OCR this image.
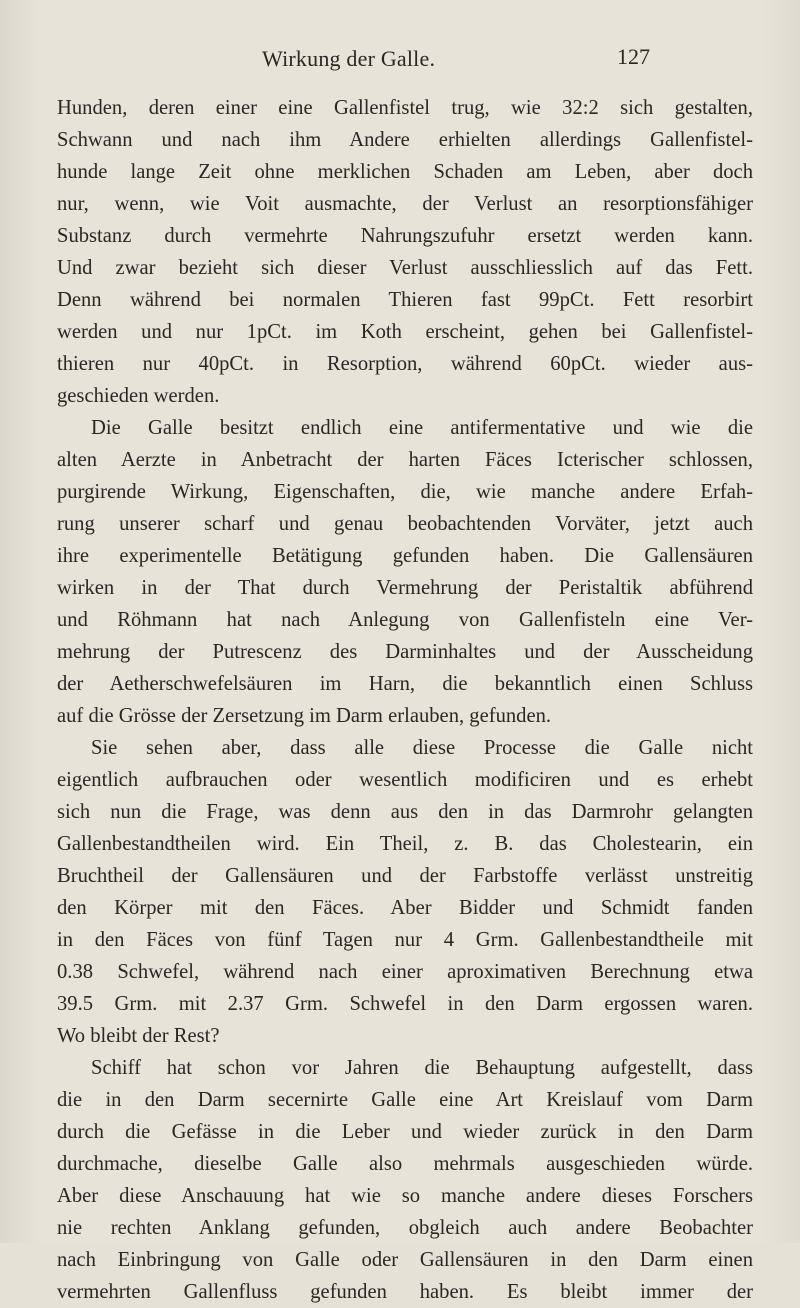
Wirkung der Galle.	127
Hunden, deren einer eine Gallenfistel trug, wie 32:2 sich gestalten,
Schwann und nach ihm Andere erhielten allerdings Gallenfistel-
hunde lange Zeit ohne merklichen Schaden am Leben, aber doch
nur, wenn, wie Voit ausmachte, der Verlust an resorptionsfähiger
Substanz durch vermehrte Nahrungszufuhr ersetzt werden kann.
Und zwar bezieht sich dieser Verlust ausschliesslich auf das Fett.
Denn während bei normalen Thieren fast 99pCt. Fett resorbirt
werden und nur 1pCt. im Koth erscheint, gehen bei Gallenfistel-
thieren nur 40pCt. in Resorption, während 60pCt. wieder aus-
geschieden werden.
Die Galle besitzt endlich eine antifermentative und wie die
alten Aerzte in Anbetracht der harten Fäces Icterischer schlossen,
purgirende Wirkung, Eigenschaften, die, wie manche andere Erfah-
rung unserer scharf und genau beobachtenden Vorväter, jetzt auch
ihre experimentelle Betätigung gefunden haben. Die Gallensäuren
wirken in der That durch Vermehrung der Peristaltik abführend
und Röhmann hat nach Anlegung von Gallenfisteln eine Ver-
mehrung der Putrescenz des Darminhaltes und der Ausscheidung
der Aetherschwefelsäuren im Harn, die bekanntlich einen Schluss
auf die Grösse der Zersetzung im Darm erlauben, gefunden.
Sie sehen aber, dass alle diese Processe die Galle nicht
eigentlich aufbrauchen oder wesentlich modificiren und es erhebt
sich nun die Frage, was denn aus den in das Darmrohr gelangten
Gallenbestandtheilen wird. Ein Theil, z. B. das Cholestearin, ein
Bruchtheil der Gallensäuren und der Farbstoffe verlässt unstreitig
den Körper mit den Fäces. Aber Bidder und Schmidt fanden
in den Fäces von fünf Tagen nur 4 Grm. Gallenbestandtheile mit
0.38 Schwefel, während nach einer aproximativen Berechnung etwa
39.5 Grm. mit 2.37 Grm. Schwefel in den Darm ergossen waren.
Wo bleibt der Rest?
Schiff hat schon vor Jahren die Behauptung aufgestellt, dass
die in den Darm secernirte Galle eine Art Kreislauf vom Darm
durch die Gefässe in die Leber und wieder zurück in den Darm
durchmache, dieselbe Galle also mehrmals ausgeschieden würde.
Aber diese Anschauung hat wie so manche andere dieses Forschers
nie rechten Anklang gefunden, obgleich auch andere Beobachter
nach Einbringung von Galle oder Gallensäuren in den Darm einen
vermehrten Gallenfluss gefunden haben. Es bleibt immer der
